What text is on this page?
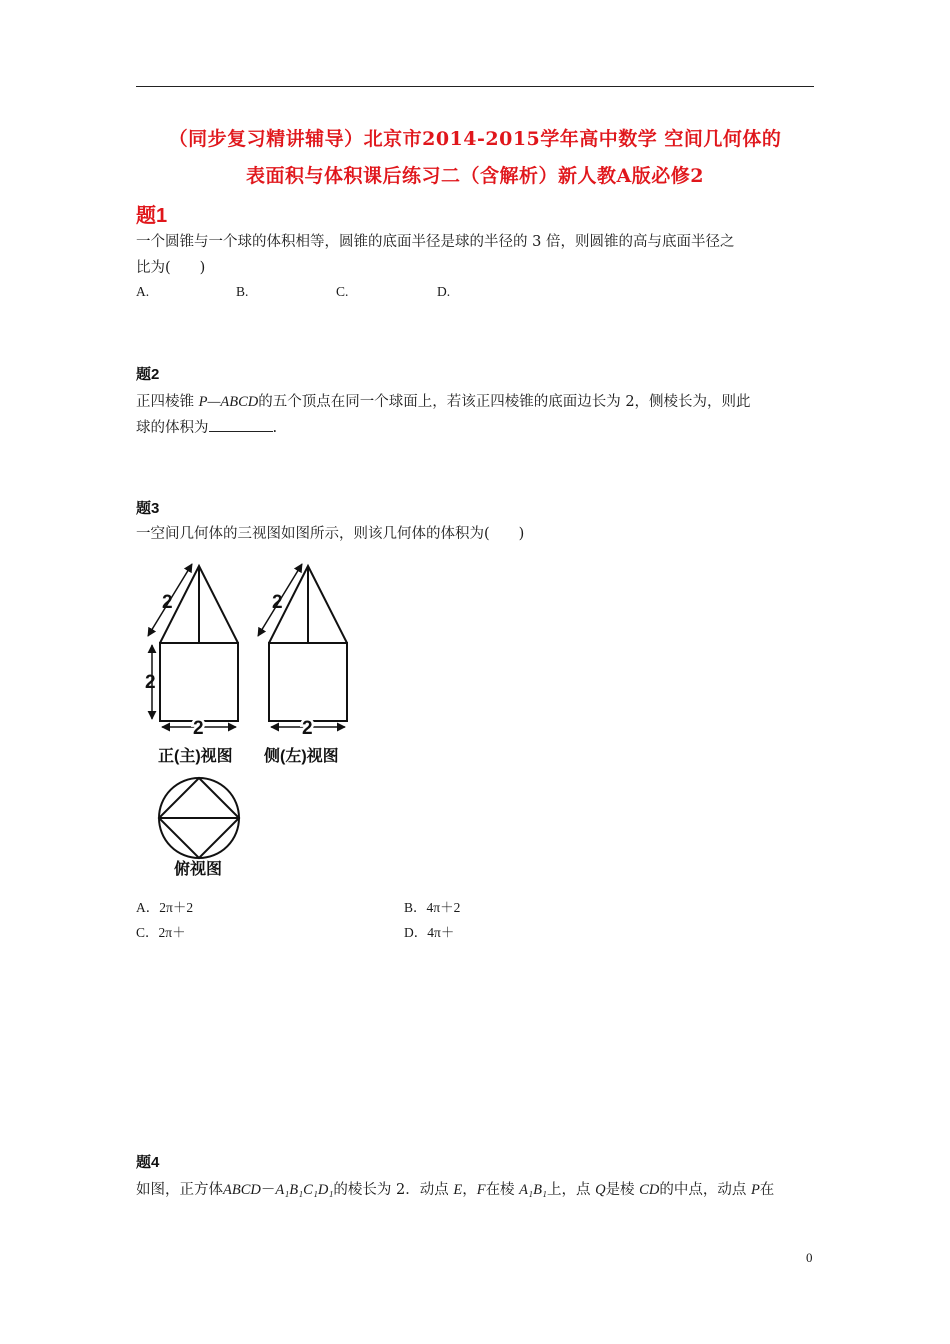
（同步复习精讲辅导）北京市2014-2015学年高中数学 空间几何体的
表面积与体积课后练习二（含解析）新人教A版必修2
题1
一个圆锥与一个球的体积相等，圆锥的底面半径是球的半径的 3 倍，则圆锥的高与底面半径之
比为(　　)
A.	B.	C.	D.
题2
正四棱锥 P—ABCD的五个顶点在同一个球面上，若该正四棱锥的底面边长为 2，侧棱长为，则此
球的体积为	.
题3
一空间几何体的三视图如图所示，则该几何体的体积为(　　)
2
2
2
正(主)视图
2
2
侧(左)视图
俯视图
A．2π＋2	B．4π＋2
C．2π＋	D．4π＋
题4
如图，正方体ABCD－A₁B₁C₁D₁的棱长为 2．动点 E，F在棱 A₁B₁上，点 Q是棱 CD的中点，动点 P在
0
